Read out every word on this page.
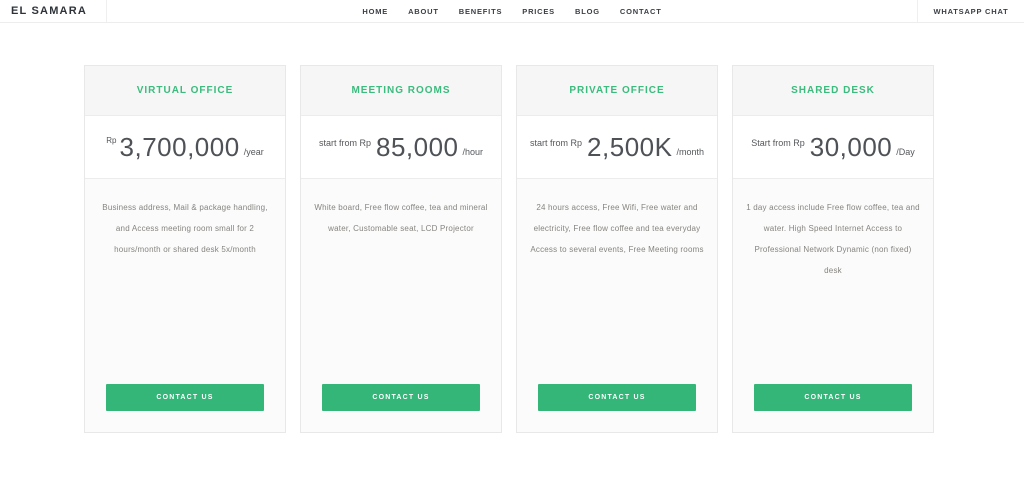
EL SAMARA	HOME	ABOUT	BENEFITS	PRICES	BLOG	CONTACT	WHATSAPP CHAT
VIRTUAL OFFICE
Rp 3,700,000 /year

Business address, Mail & package handling, and Access meeting room small for 2 hours/month or shared desk 5x/month

CONTACT US
MEETING ROOMS
start from Rp 85,000 /hour

White board, Free flow coffee, tea and mineral water, Customable seat, LCD Projector

CONTACT US
PRIVATE OFFICE
start from Rp 2,500K /month

24 hours access, Free Wifi, Free water and electricity, Free flow coffee and tea everyday Access to several events, Free Meeting rooms

CONTACT US
SHARED DESK
Start from Rp 30,000 /Day

1 day access include Free flow coffee, tea and water. High Speed Internet Access to Professional Network Dynamic (non fixed) desk

CONTACT US
